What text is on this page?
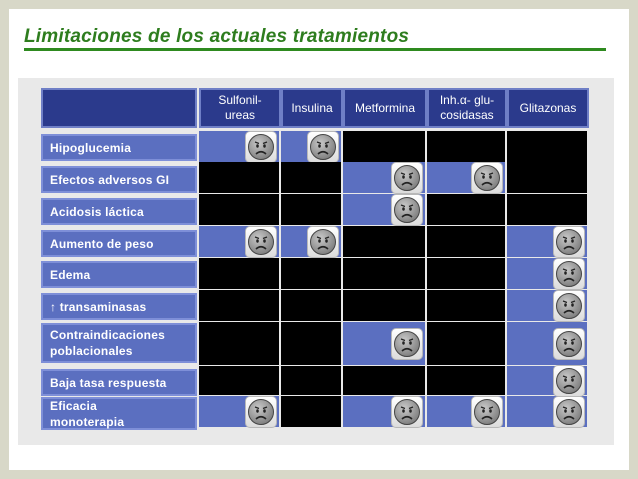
Limitaciones de los actuales tratamientos
Sulfonil-
ureas
Insulina Metformina
Inh.α- glu-
cosidasas
Glitazonas
Hipoglucemia
Efectos adversos GI
Acidosis láctica
Aumento de peso
Edema
↑ transaminasas
Contraindicaciones
poblacionales
Baja tasa respuesta
Eficacia
monoterapia
